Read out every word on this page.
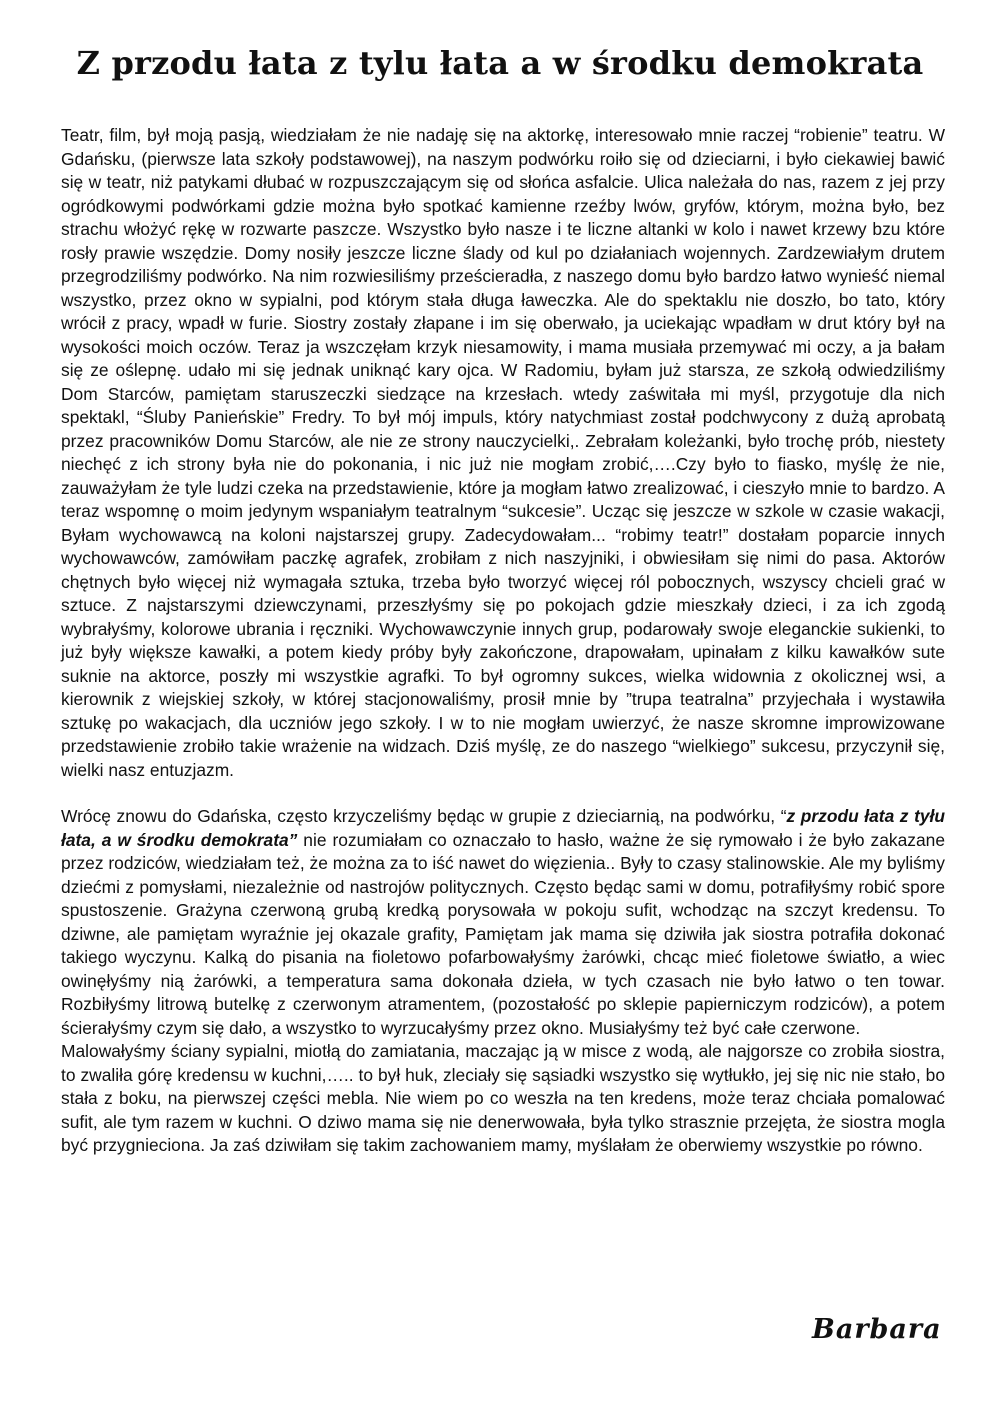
Z przodu łata z tylu łata a w środku demokrata

Teatr, film, był moją pasją, wiedziałam że nie nadaję się na aktorkę, interesowało mnie raczej “robienie” teatru. W Gdańsku, (pierwsze lata szkoły podstawowej), na naszym podwórku roiło się od dzieciarni, i było ciekawiej bawić się w teatr, niż patykami dłubać w rozpuszczającym się od słońca asfalcie. Ulica należała do nas, razem z jej przy ogródkowymi podwórkami gdzie można było spotkać kamienne rzeźby lwów, gryfów, którym, można było, bez strachu włożyć rękę w rozwarte paszcze. Wszystko było nasze i te liczne altanki w kolo i nawet krzewy bzu które rosły prawie wszędzie. Domy nosiły jeszcze liczne ślady od kul po działaniach wojennych. Zardzewiałym drutem przegrodziliśmy podwórko. Na nim rozwiesiliśmy prześcieradła, z naszego domu było bardzo łatwo wynieść niemal wszystko, przez okno w sypialni, pod którym stała długa ławeczka. Ale do spektaklu nie doszło, bo tato, który wrócił z pracy, wpadł w furie. Siostry zostały złapane i im się oberwało, ja uciekając wpadłam w drut który był na wysokości moich oczów. Teraz ja wszczęłam krzyk niesamowity, i mama musiała przemywać mi oczy, a ja bałam się ze oślepnę. udało mi się jednak uniknąć kary ojca. W Radomiu, byłam już starsza, ze szkołą odwiedziliśmy Dom Starców, pamiętam staruszeczki siedzące na krzesłach. wtedy zaświtała mi myśl, przygotuje dla nich spektakl, “Śluby Panieńskie” Fredry. To był mój impuls, który natychmiast został podchwycony z dużą aprobatą przez pracowników Domu Starców, ale nie ze strony nauczycielki,. Zebrałam koleżanki, było trochę prób, niestety niechęć z ich strony była nie do pokonania, i nic już nie mogłam zrobić,….Czy było to fiasko, myślę że nie, zauważyłam że tyle ludzi czeka na przedstawienie, które ja mogłam łatwo zrealizować, i cieszyło mnie to bardzo. A teraz wspomnę o moim jedynym wspaniałym teatralnym “sukcesie”. Ucząc się jeszcze w szkole w czasie wakacji, Byłam wychowawcą na koloni najstarszej grupy. Zadecydowałam... “robimy teatr!” dostałam poparcie innych wychowawców, zamówiłam paczkę agrafek, zrobiłam z nich naszyjniki, i obwiesiłam się nimi do pasa. Aktorów chętnych było więcej niż wymagała sztuka, trzeba było tworzyć więcej ról pobocznych, wszyscy chcieli grać w sztuce. Z najstarszymi dziewczynami, przeszłyśmy się po pokojach gdzie mieszkały dzieci, i za ich zgodą wybrałyśmy, kolorowe ubrania i ręczniki. Wychowawczynie innych grup, podarowały swoje eleganckie sukienki, to już były większe kawałki, a potem kiedy próby były zakończone, drapowałam, upinałam z kilku kawałków sute suknie na aktorce, poszły mi wszystkie agrafki. To był ogromny sukces, wielka widownia z okolicznej wsi, a kierownik z wiejskiej szkoły, w której stacjonowaliśmy, prosił mnie by ”trupa teatralna” przyjechała i wystawiła sztukę po wakacjach, dla uczniów jego szkoły. I w to nie mogłam uwierzyć, że nasze skromne improwizowane przedstawienie zrobiło takie wrażenie na widzach. Dziś myślę, ze do naszego “wielkiego” sukcesu, przyczynił się, wielki nasz entuzjazm.

Wrócę znowu do Gdańska, często krzyczeliśmy będąc w grupie z dzieciarnią, na podwórku, “z przodu łata z tyłu łata, a w środku demokrata” nie rozumiałam co oznaczało to hasło, ważne że się rymowało i że było zakazane przez rodziców, wiedziałam też, że można za to iść nawet do więzienia.. Były to czasy stalinowskie. Ale my byliśmy dziećmi z pomysłami, niezależnie od nastrojów politycznych. Często będąc sami w domu, potrafiłyśmy robić spore spustoszenie. Grażyna czerwoną grubą kredką porysowała w pokoju sufit, wchodząc na szczyt kredensu. To dziwne, ale pamiętam wyraźnie jej okazale grafity, Pamiętam jak mama się dziwiła jak siostra potrafiła dokonać takiego wyczynu. Kalką do pisania na fioletowo pofarbowałyśmy żarówki, chcąc mieć fioletowe światło, a wiec owinęłyśmy nią żarówki, a temperatura sama dokonała dzieła, w tych czasach nie było łatwo o ten towar. Rozbiłyśmy litrową butelkę z czerwonym atramentem, (pozostałość po sklepie papierniczym rodziców), a potem ścierałyśmy czym się dało, a wszystko to wyrzucałyśmy przez okno. Musiałyśmy też być całe czerwone.

Malowałyśmy ściany sypialni, miotłą do zamiatania, maczając ją w misce z wodą, ale najgorsze co zrobiła siostra, to zwaliła górę kredensu w kuchni,….. to był huk, zleciały się sąsiadki wszystko się wytłukło, jej się nic nie stało, bo stała z boku, na pierwszej części mebla. Nie wiem po co weszła na ten kredens, może teraz chciała pomalować sufit, ale tym razem w kuchni. O dziwo mama się nie denerwowała, była tylko strasznie przejęta, że siostra mogla być przygnieciona. Ja zaś dziwiłam się takim zachowaniem mamy, myślałam że oberwiemy wszystkie po równo.

Barbara
